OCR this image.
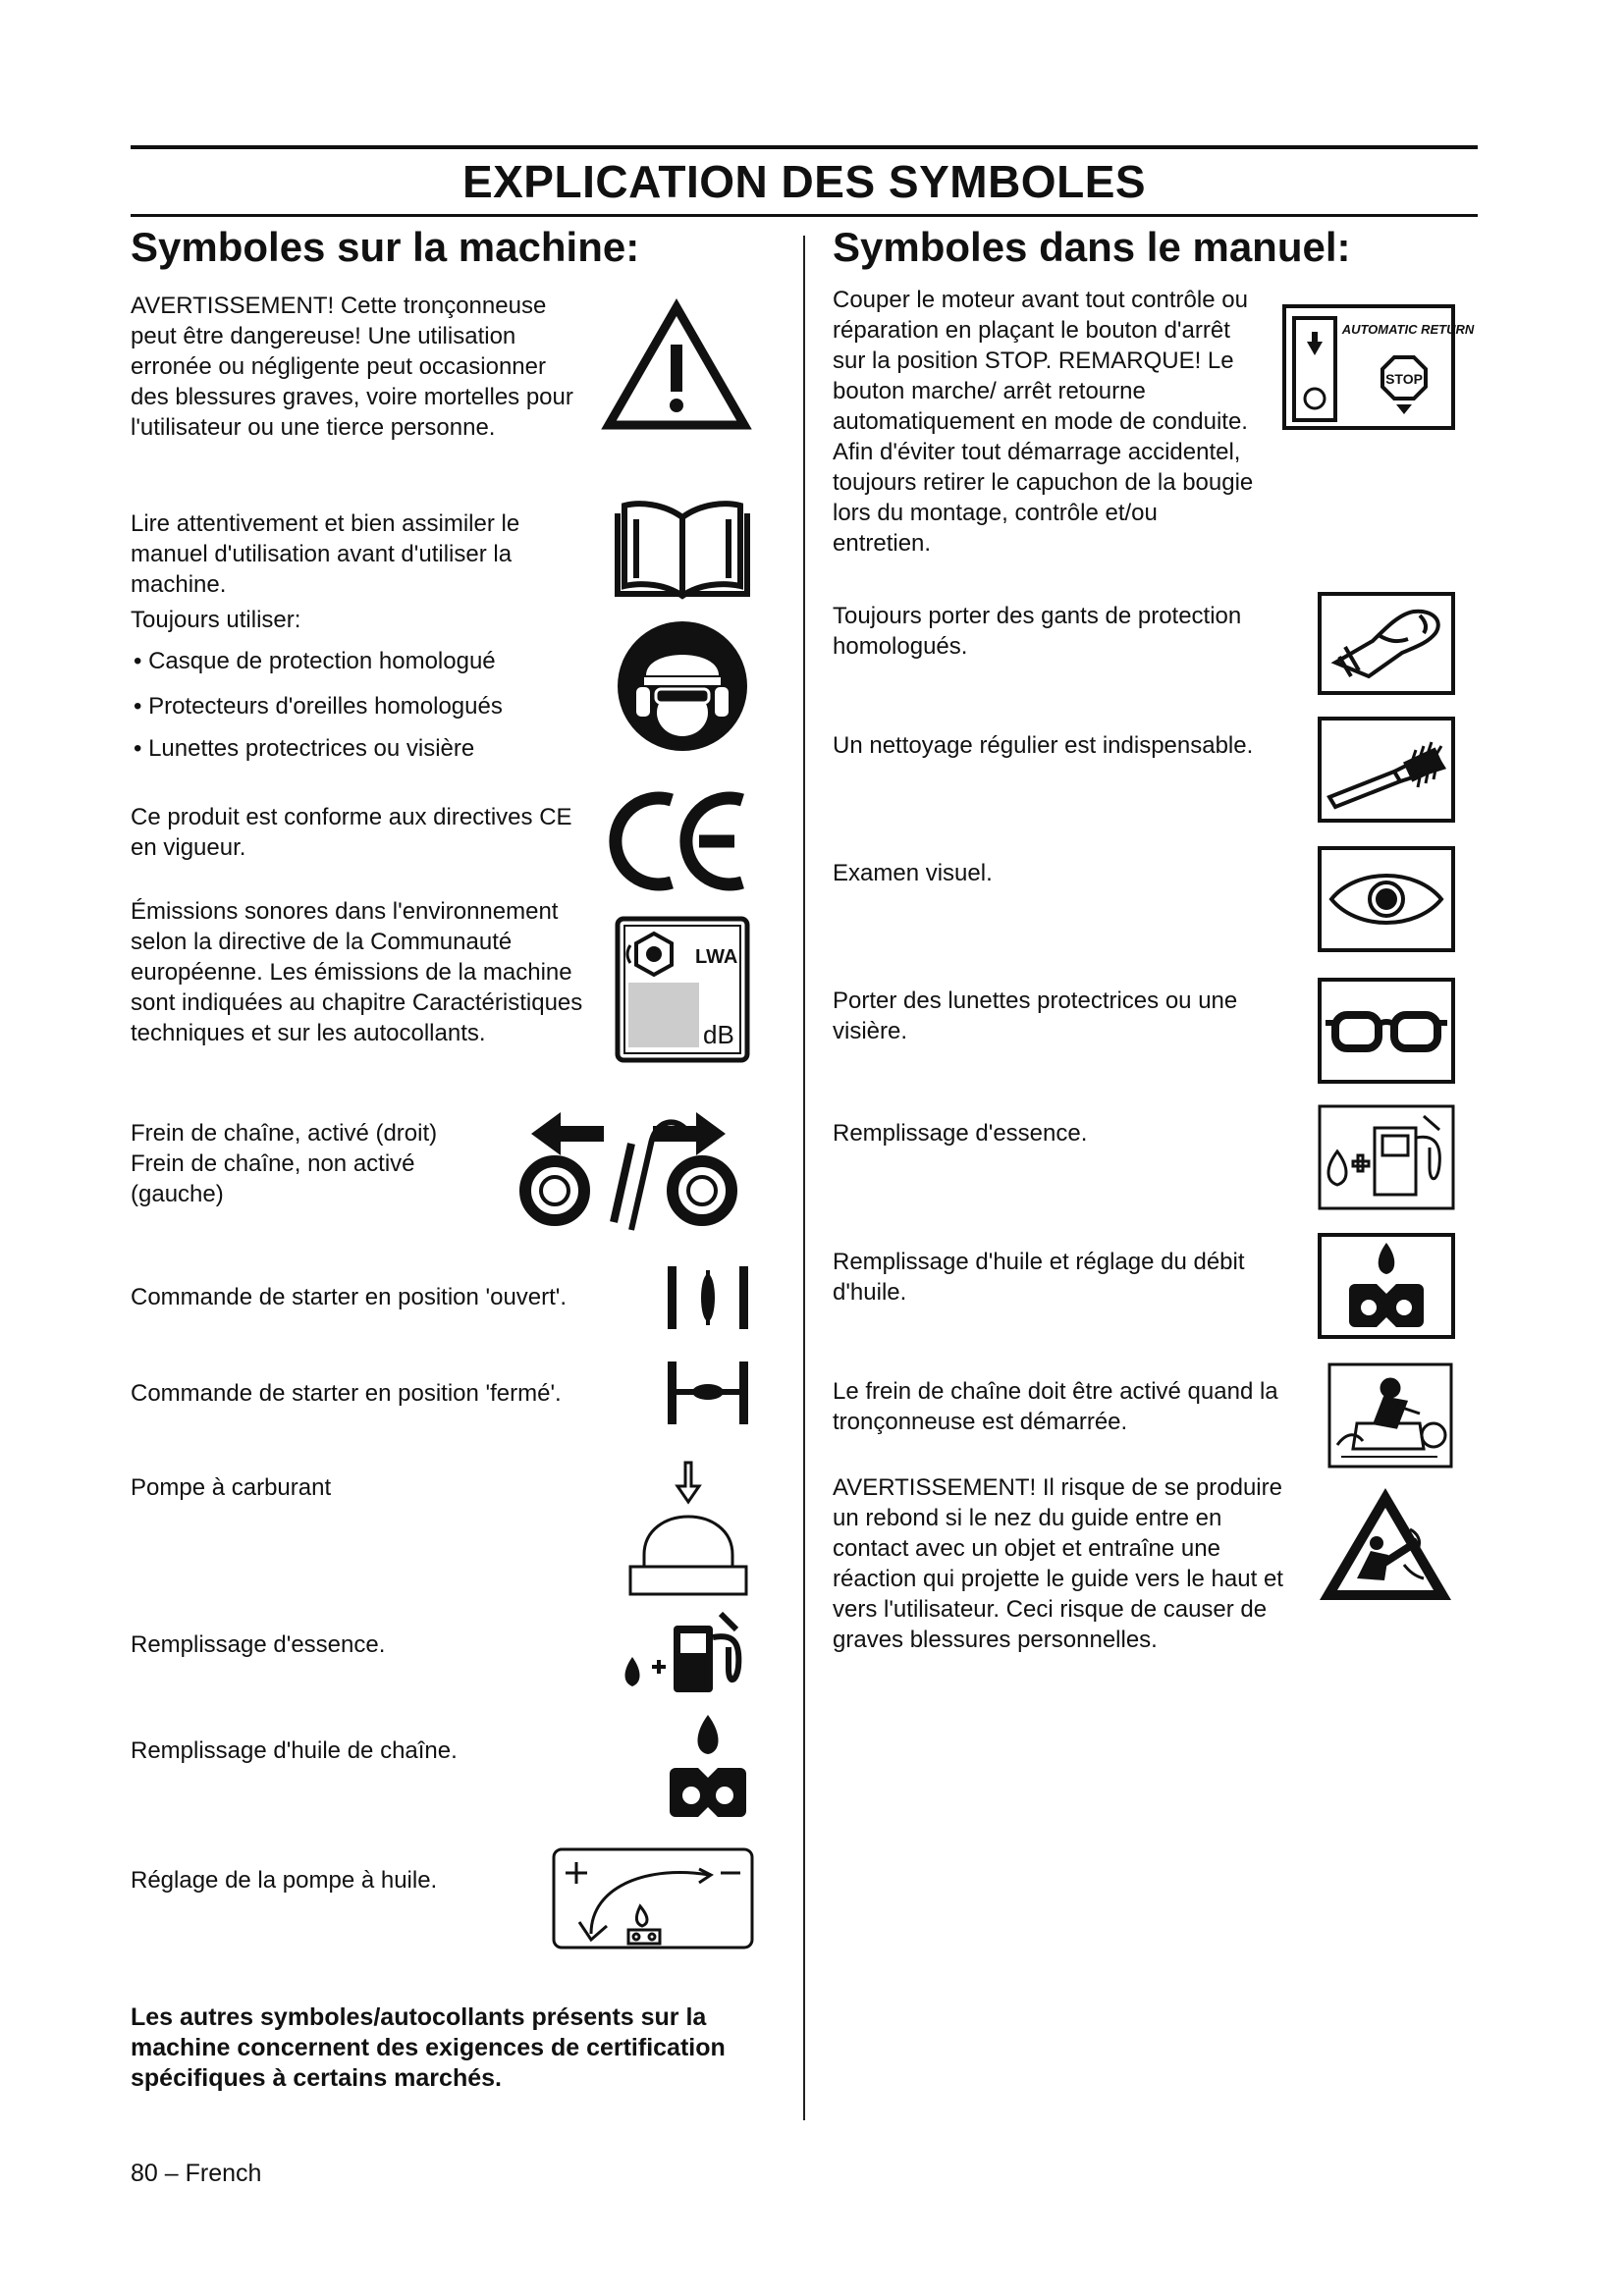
EXPLICATION DES SYMBOLES
Symboles sur la machine:	Symboles dans le manuel:
AVERTISSEMENT! Cette tronçonneuse peut être dangereuse! Une utilisation erronée ou négligente peut occasionner des blessures graves, voire mortelles pour l'utilisateur ou une tierce personne.
Lire attentivement et bien assimiler le manuel d'utilisation avant d'utiliser la machine.
Toujours utiliser:
• Casque de protection homologué
• Protecteurs d'oreilles homologués
• Lunettes protectrices ou visière
Ce produit est conforme aux directives CE en vigueur.
Émissions sonores dans l'environnement selon la directive de la Communauté européenne. Les émissions de la machine sont indiquées au chapitre Caractéristiques techniques et sur les autocollants.
LWA
dB
Frein de chaîne, activé (droit) Frein de chaîne, non activé (gauche)
Commande de starter en position 'ouvert'.
Commande de starter en position 'fermé'.
Pompe à carburant
Remplissage d'essence.
Remplissage d'huile de chaîne.
Réglage de la pompe à huile.
Les autres symboles/autocollants présents sur la machine concernent des exigences de certification spécifiques à certains marchés.
80 – French
Couper le moteur avant tout contrôle ou réparation en plaçant le bouton d'arrêt sur la position STOP. REMARQUE! Le bouton marche/ arrêt retourne automatiquement en mode de conduite. Afin d'éviter tout démarrage accidentel, toujours retirer le capuchon de la bougie lors du montage, contrôle et/ou entretien.
AUTOMATIC RETURN
STOP
Toujours porter des gants de protection homologués.
Un nettoyage régulier est indispensable.
Examen visuel.
Porter des lunettes protectrices ou une visière.
Remplissage d'essence.
Remplissage d'huile et réglage du débit d'huile.
Le frein de chaîne doit être activé quand la tronçonneuse est démarrée.
AVERTISSEMENT! Il risque de se produire un rebond si le nez du guide entre en contact avec un objet et entraîne une réaction qui projette le guide vers le haut et vers l'utilisateur. Ceci risque de causer de graves blessures personnelles.
